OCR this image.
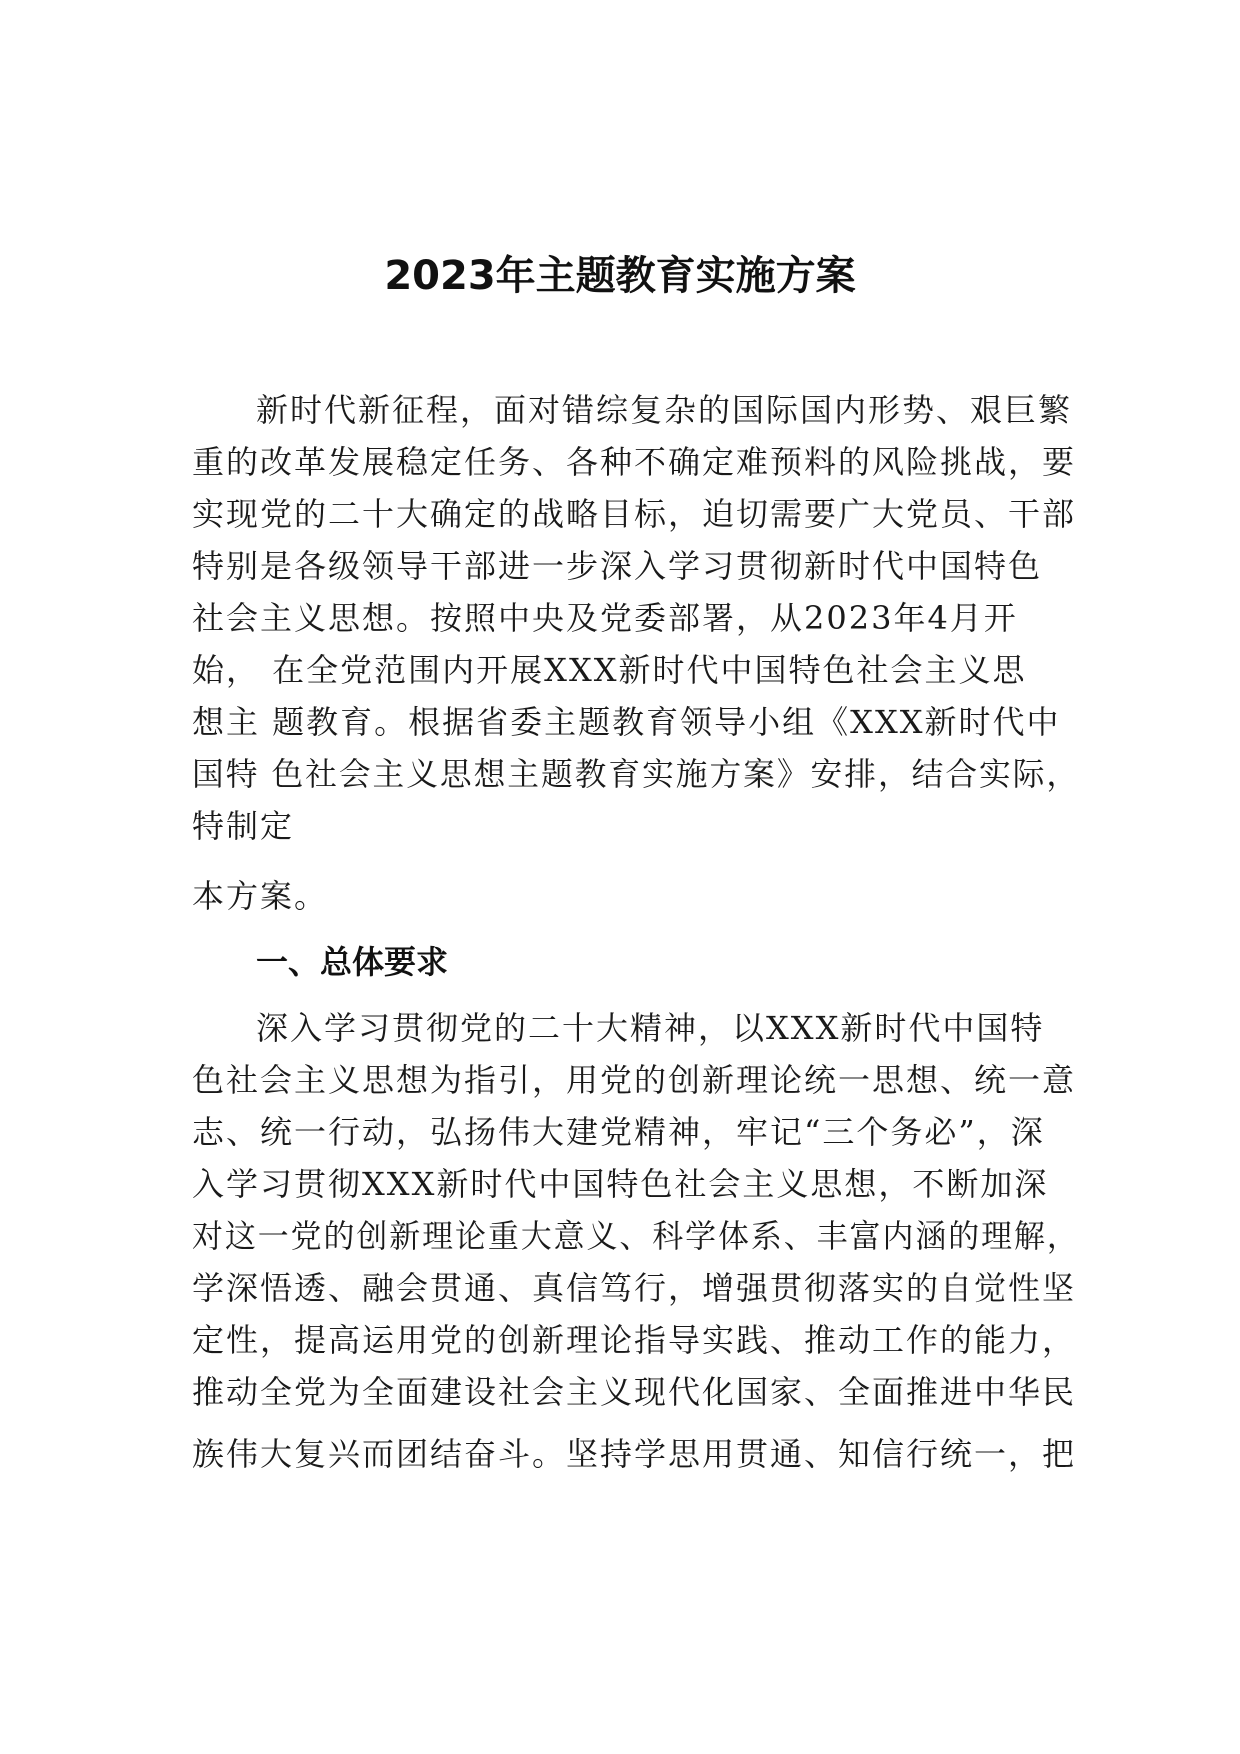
2023年主题教育实施方案
新时代新征程，面对错综复杂的国际国内形势、艰巨繁
重的改革发展稳定任务、各种不确定难预料的风险挑战，要
实现党的二十大确定的战略目标，迫切需要广大党员、干部
特别是各级领导干部进一步深入学习贯彻新时代中国特色
社会主义思想。按照中央及党委部署，从2023年4月开
始， 在全党范围内开展XXX新时代中国特色社会主义思
想主 题教育。根据省委主题教育领导小组《XXX新时代中
国特 色社会主义思想主题教育实施方案》安排，结合实际，
特制定
本方案。
一、总体要求
深入学习贯彻党的二十大精神，以XXX新时代中国特
色社会主义思想为指引，用党的创新理论统一思想、统一意
志、统一行动，弘扬伟大建党精神，牢记“三个务必”，深
入学习贯彻XXX新时代中国特色社会主义思想，不断加深
对这一党的创新理论重大意义、科学体系、丰富内涵的理解，
学深悟透、融会贯通、真信笃行，增强贯彻落实的自觉性坚
定性，提高运用党的创新理论指导实践、推动工作的能力，
推动全党为全面建设社会主义现代化国家、全面推进中华民
族伟大复兴而团结奋斗。坚持学思用贯通、知信行统一，把
